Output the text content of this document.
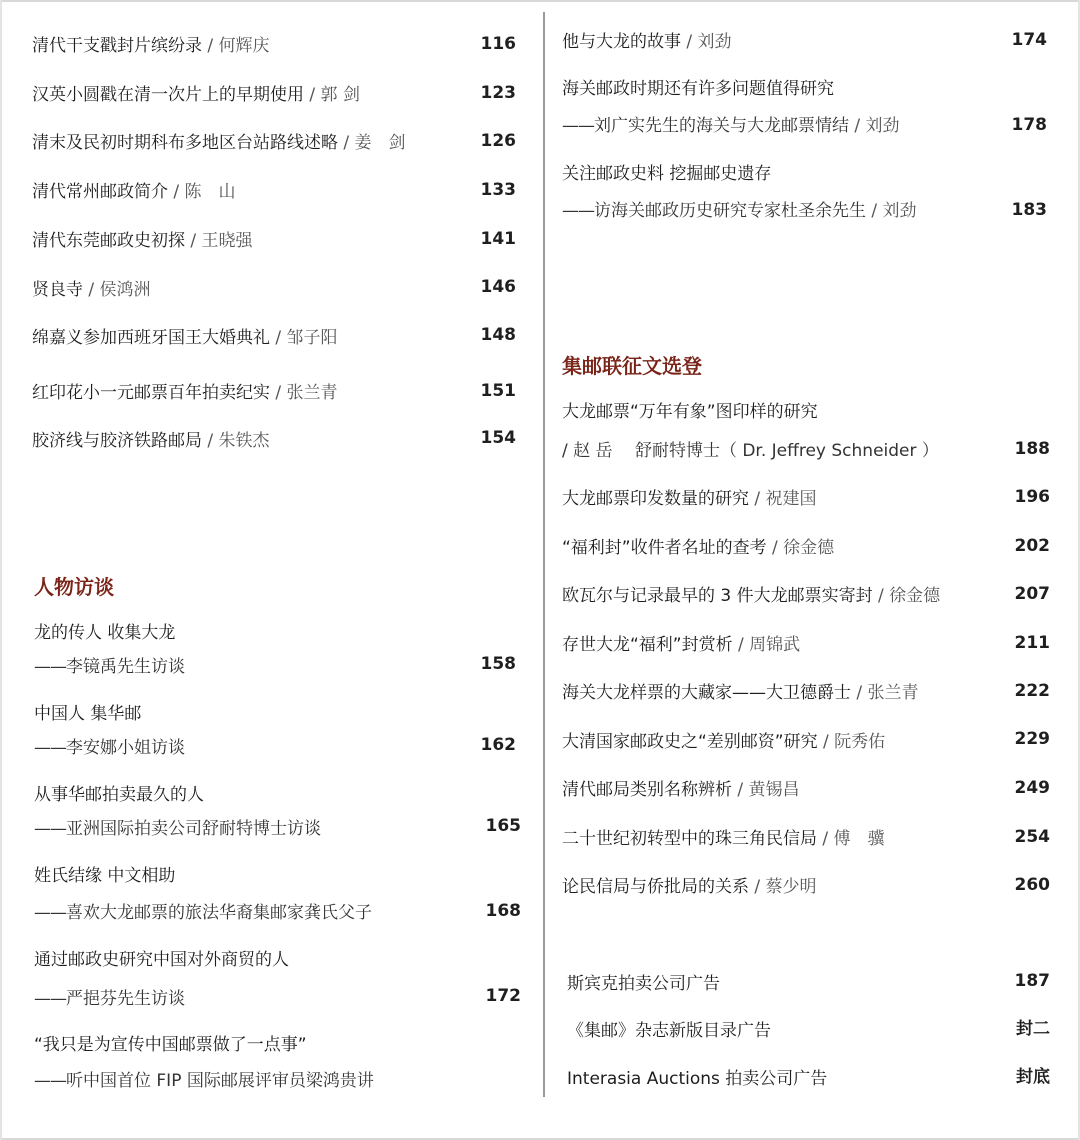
清代干支戳封片缤纷录 / 何辉庆	116
汉英小圆戳在清一次片上的早期使用 / 郭 剑	123
清末及民初时期科布多地区台站路线述略 / 姜　剑	126
清代常州邮政简介 / 陈　山	133
清代东莞邮政史初探 / 王晓强	141
贤良寺 / 侯鸿洲	146
绵嘉义参加西班牙国王大婚典礼 / 邹子阳	148
红印花小一元邮票百年拍卖纪实 / 张兰青	151
胶济线与胶济铁路邮局 / 朱铁杰	154
人物访谈
龙的传人 收集大龙
——李镜禹先生访谈	158
中国人 集华邮
——李安娜小姐访谈	162
从事华邮拍卖最久的人
——亚洲国际拍卖公司舒耐特博士访谈	165
姓氏结缘 中文相助
——喜欢大龙邮票的旅法华裔集邮家龚氏父子	168
通过邮政史研究中国对外商贸的人
——严挹芬先生访谈	172
“我只是为宣传中国邮票做了一点事”
——听中国首位 FIP 国际邮展评审员梁鸿贵讲
他与大龙的故事 / 刘劲	174
海关邮政时期还有许多问题值得研究
——刘广实先生的海关与大龙邮票情结 / 刘劲	178
关注邮政史料 挖掘邮史遗存
——访海关邮政历史研究专家杜圣余先生 / 刘劲	183
集邮联征文选登
大龙邮票“万年有象”图印样的研究
/ 赵 岳　 舒耐特博士（ Dr. Jeffrey Schneider ）	188
大龙邮票印发数量的研究 / 祝建国	196
“福利封”收件者名址的查考 / 徐金德	202
欧瓦尔与记录最早的 3 件大龙邮票实寄封 / 徐金德	207
存世大龙“福利”封赏析 / 周锦武	211
海关大龙样票的大藏家——大卫德爵士 / 张兰青	222
大清国家邮政史之“差别邮资”研究 / 阮秀佑	229
清代邮局类别名称辨析 / 黄锡昌	249
二十世纪初转型中的珠三角民信局 / 傅　骥	254
论民信局与侨批局的关系 / 蔡少明	260
斯宾克拍卖公司广告	187
《集邮》杂志新版目录广告	封二
Interasia Auctions 拍卖公司广告	封底
